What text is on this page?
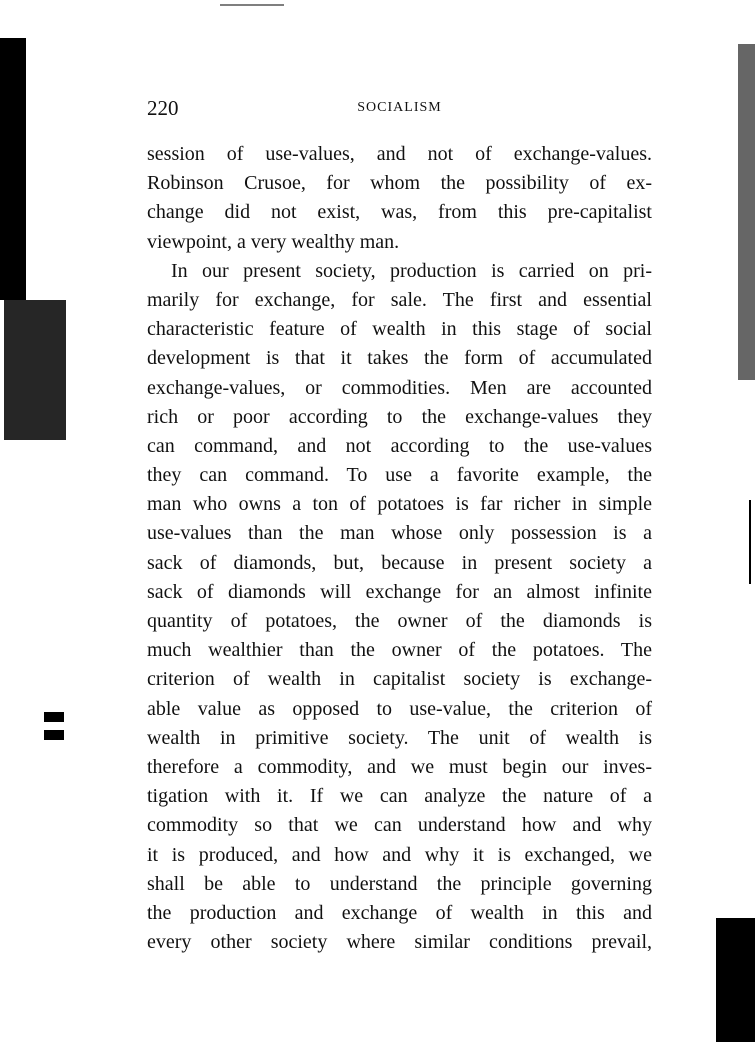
220	SOCIALISM
session of use-values, and not of exchange-values.
Robinson Crusoe, for whom the possibility of ex-
change did not exist, was, from this pre-capitalist
viewpoint, a very wealthy man.
In our present society, production is carried on pri-
marily for exchange, for sale. The first and essential
characteristic feature of wealth in this stage of social
development is that it takes the form of accumulated
exchange-values, or commodities. Men are accounted
rich or poor according to the exchange-values they
can command, and not according to the use-values
they can command. To use a favorite example, the
man who owns a ton of potatoes is far richer in simple
use-values than the man whose only possession is a
sack of diamonds, but, because in present society a
sack of diamonds will exchange for an almost infinite
quantity of potatoes, the owner of the diamonds is
much wealthier than the owner of the potatoes. The
criterion of wealth in capitalist society is exchange-
able value as opposed to use-value, the criterion of
wealth in primitive society. The unit of wealth is
therefore a commodity, and we must begin our inves-
tigation with it. If we can analyze the nature of a
commodity so that we can understand how and why
it is produced, and how and why it is exchanged, we
shall be able to understand the principle governing
the production and exchange of wealth in this and
every other society where similar conditions prevail,
